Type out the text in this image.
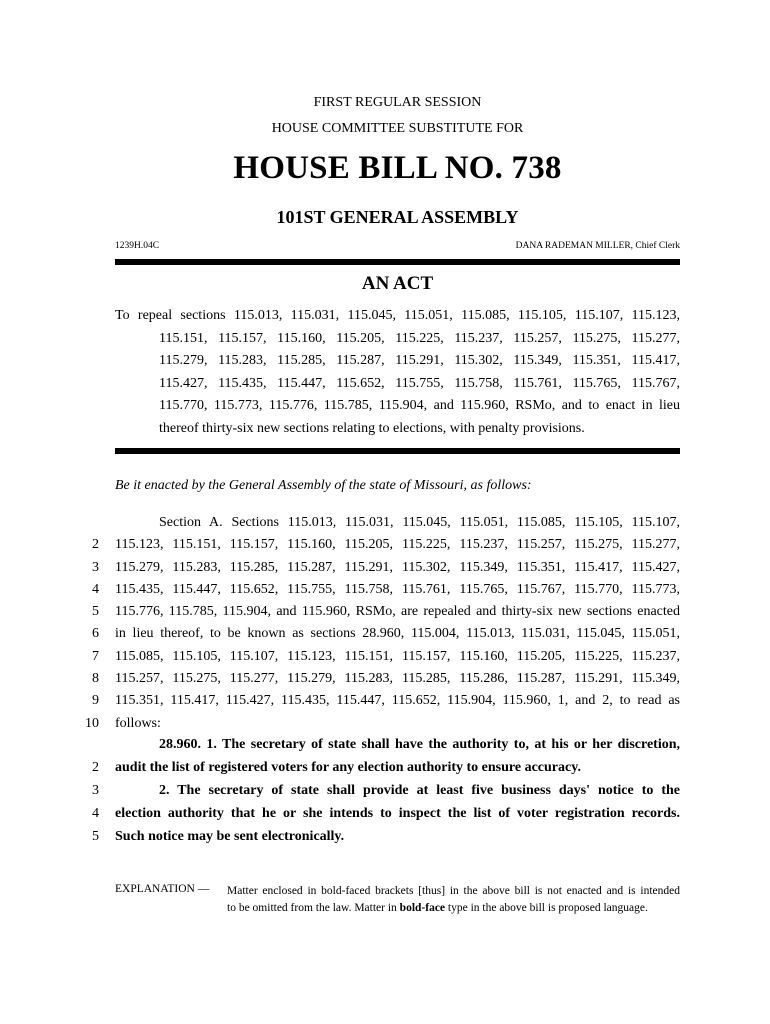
FIRST REGULAR SESSION
HOUSE COMMITTEE SUBSTITUTE FOR
HOUSE BILL NO. 738
101ST GENERAL ASSEMBLY
1239H.04C	DANA RADEMAN MILLER, Chief Clerk
AN ACT
To repeal sections 115.013, 115.031, 115.045, 115.051, 115.085, 115.105, 115.107, 115.123,
115.151, 115.157, 115.160, 115.205, 115.225, 115.237, 115.257, 115.275, 115.277,
115.279, 115.283, 115.285, 115.287, 115.291, 115.302, 115.349, 115.351, 115.417,
115.427, 115.435, 115.447, 115.652, 115.755, 115.758, 115.761, 115.765, 115.767,
115.770, 115.773, 115.776, 115.785, 115.904, and 115.960, RSMo, and to enact in lieu
thereof thirty-six new sections relating to elections, with penalty provisions.
Be it enacted by the General Assembly of the state of Missouri, as follows:
Section A. Sections 115.013, 115.031, 115.045, 115.051, 115.085, 115.105, 115.107,
2	115.123, 115.151, 115.157, 115.160, 115.205, 115.225, 115.237, 115.257, 115.275, 115.277,
3	115.279, 115.283, 115.285, 115.287, 115.291, 115.302, 115.349, 115.351, 115.417, 115.427,
4	115.435, 115.447, 115.652, 115.755, 115.758, 115.761, 115.765, 115.767, 115.770, 115.773,
5	115.776, 115.785, 115.904, and 115.960, RSMo, are repealed and thirty-six new sections enacted
6	in lieu thereof, to be known as sections 28.960, 115.004, 115.013, 115.031, 115.045, 115.051,
7	115.085, 115.105, 115.107, 115.123, 115.151, 115.157, 115.160, 115.205, 115.225, 115.237,
8	115.257, 115.275, 115.277, 115.279, 115.283, 115.285, 115.286, 115.287, 115.291, 115.349,
9	115.351, 115.417, 115.427, 115.435, 115.447, 115.652, 115.904, 115.960, 1, and 2, to read as
10	follows:
28.960. 1. The secretary of state shall have the authority to, at his or her discretion,
2	audit the list of registered voters for any election authority to ensure accuracy.
3	2. The secretary of state shall provide at least five business days' notice to the
4	election authority that he or she intends to inspect the list of voter registration records.
5	Such notice may be sent electronically.
EXPLANATION — Matter enclosed in bold-faced brackets [thus] in the above bill is not enacted and is intended
to be omitted from the law. Matter in bold-face type in the above bill is proposed language.
